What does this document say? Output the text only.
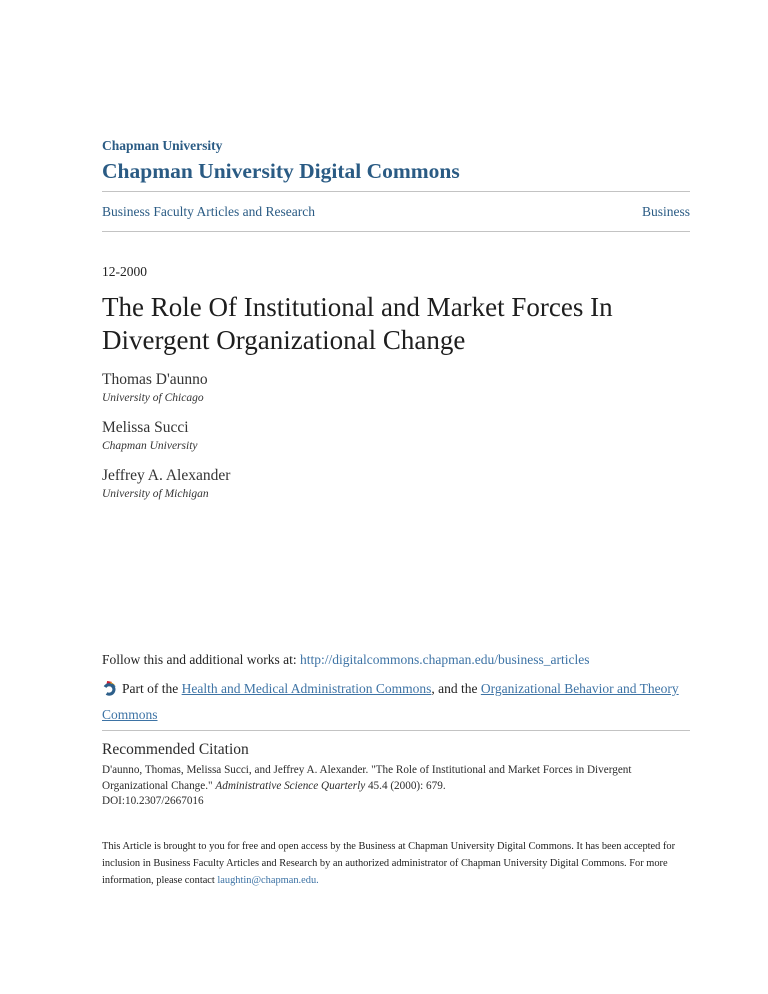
Chapman University
Chapman University Digital Commons
Business Faculty Articles and Research	Business
12-2000
The Role Of Institutional and Market Forces In Divergent Organizational Change
Thomas D'aunno
University of Chicago
Melissa Succi
Chapman University
Jeffrey A. Alexander
University of Michigan
Follow this and additional works at: http://digitalcommons.chapman.edu/business_articles
Part of the Health and Medical Administration Commons, and the Organizational Behavior and Theory Commons
Recommended Citation

D'aunno, Thomas, Melissa Succi, and Jeffrey A. Alexander. "The Role of Institutional and Market Forces in Divergent Organizational Change." Administrative Science Quarterly 45.4 (2000): 679.

DOI:10.2307/2667016
This Article is brought to you for free and open access by the Business at Chapman University Digital Commons. It has been accepted for inclusion in Business Faculty Articles and Research by an authorized administrator of Chapman University Digital Commons. For more information, please contact laughtin@chapman.edu.
